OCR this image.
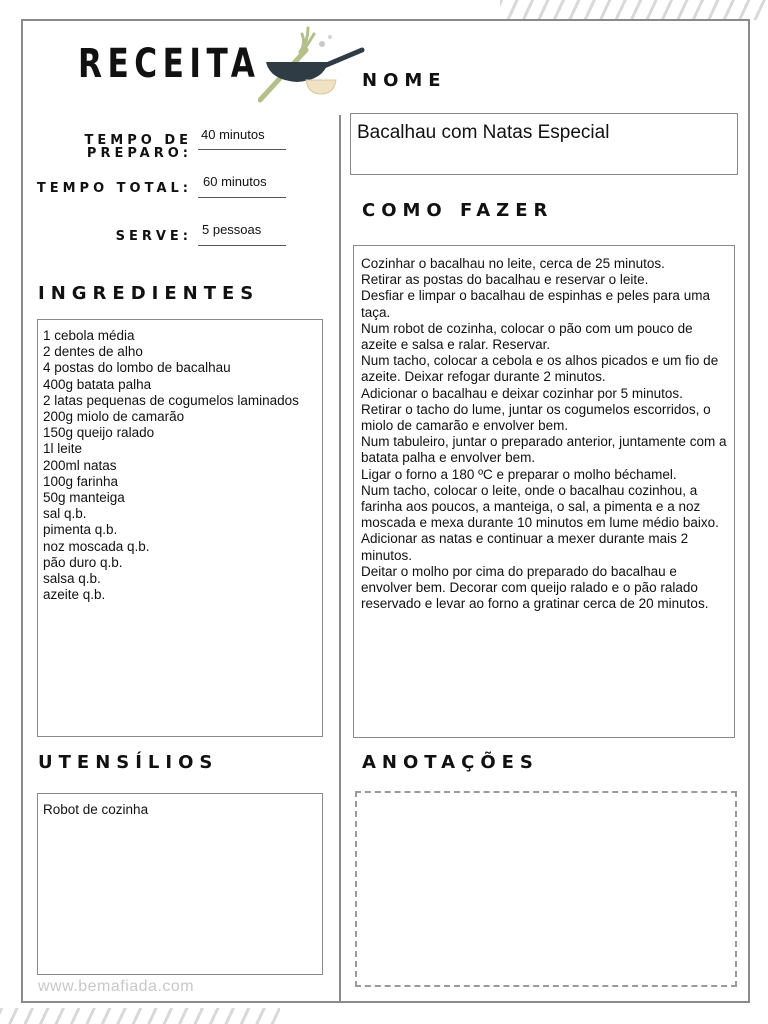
RECEITA	NOME
TEMPO DE PREPARO:
40 minutos
TEMPO TOTAL: 60 minutos
SERVE: 5 pessoas
Bacalhau com Natas Especial
INGREDIENTES
COMO FAZER
UTENSÍLIOS	ANOTAÇÕES
1 cebola média
2 dentes de alho
4 postas do lombo de bacalhau
400g batata palha
2 latas pequenas de cogumelos laminados
200g miolo de camarão
150g queijo ralado
1l leite
200ml natas
100g farinha
50g manteiga
sal q.b.
pimenta q.b.
noz moscada q.b.
pão duro q.b.
salsa q.b.
azeite q.b.
Cozinhar o bacalhau no leite, cerca de 25 minutos.
Retirar as postas do bacalhau e reservar o leite.
Desfiar e limpar o bacalhau de espinhas e peles para uma taça.
Num robot de cozinha, colocar o pão com um pouco de azeite e salsa e ralar. Reservar.
Num tacho, colocar a cebola e os alhos picados e um fio de azeite. Deixar refogar durante 2 minutos.
Adicionar o bacalhau e deixar cozinhar por 5 minutos.
Retirar o tacho do lume, juntar os cogumelos escorridos, o miolo de camarão e envolver bem.
Num tabuleiro, juntar o preparado anterior, juntamente com a batata palha e envolver bem.
Ligar o forno a 180 ºC e preparar o molho béchamel.
Num tacho, colocar o leite, onde o bacalhau cozinhou, a farinha aos poucos, a manteiga, o sal, a pimenta e a noz moscada e mexa durante 10 minutos em lume médio baixo. Adicionar as natas e continuar a mexer durante mais 2 minutos.
Deitar o molho por cima do preparado do bacalhau e envolver bem. Decorar com queijo ralado e o pão ralado reservado e levar ao forno a gratinar cerca de 20 minutos.
Robot de cozinha
www.bemafiada.com
